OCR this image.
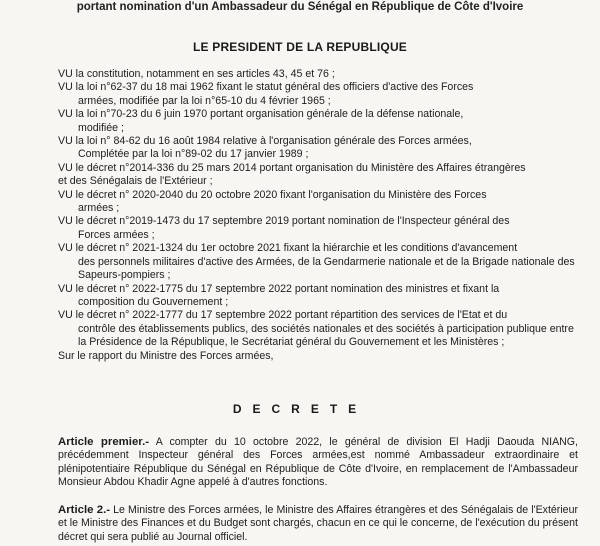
portant nomination d'un Ambassadeur du Sénégal en République de Côte d'Ivoire
LE PRESIDENT DE LA REPUBLIQUE

VU la constitution, notamment en ses articles 43, 45 et 76 ;

VU la loi n°62-37 du 18 mai 1962 fixant le statut général des officiers d'active des Forces
armées, modifiée par la loi n°65-10 du 4 février 1965 ;

VU la loi n°70-23 du 6 juin 1970 portant organisation générale de la défense nationale,
modifiée ;

VU la loi n° 84-62 du 16 août 1984 relative à l'organisation générale des Forces armées,
Complétée par la loi n°89-02 du 17 janvier 1989 ;

VU le décret n°2014-336 du 25 mars 2014 portant organisation du Ministère des Affaires étrangères
et des Sénégalais de l'Extérieur ;

VU le décret n° 2020-2040 du 20 octobre 2020 fixant l'organisation du Ministère des Forces
armées ;

VU le décret n°2019-1473 du 17 septembre 2019 portant nomination de l'Inspecteur général des
Forces armées ;

VU le décret n° 2021-1324 du 1er octobre 2021 fixant la hiérarchie et les conditions d'avancement
des personnels militaires d'active des Armées, de la Gendarmerie nationale et de la Brigade nationale des Sapeurs-pompiers ;

VU le décret n° 2022-1775 du 17 septembre 2022 portant nomination des ministres et fixant la
composition du Gouvernement ;

VU le décret n° 2022-1777 du 17 septembre 2022 portant répartition des services de l'Etat et du
contrôle des établissements publics, des sociétés nationales et des sociétés à participation publique entre la Présidence de la République, le Secrétariat général du Gouvernement et les Ministères ;

Sur le rapport du Ministre des Forces armées,

DECRETE

Article premier.- A compter du 10 octobre 2022, le général de division El Hadji Daouda NIANG, précédemment Inspecteur général des Forces armées,est nommé Ambassadeur extraordinaire et plénipotentiaire République du Sénégal en République de Côte d'Ivoire, en remplacement de l'Ambassadeur Monsieur Abdou Khadir Agne appelé à d'autres fonctions.

Article 2.- Le Ministre des Forces armées, le Ministre des Affaires étrangères et des Sénégalais de l'Extérieur et le Ministre des Finances et du Budget sont chargés, chacun en ce qui le concerne, de l'exécution du présent décret qui sera publié au Journal officiel.
